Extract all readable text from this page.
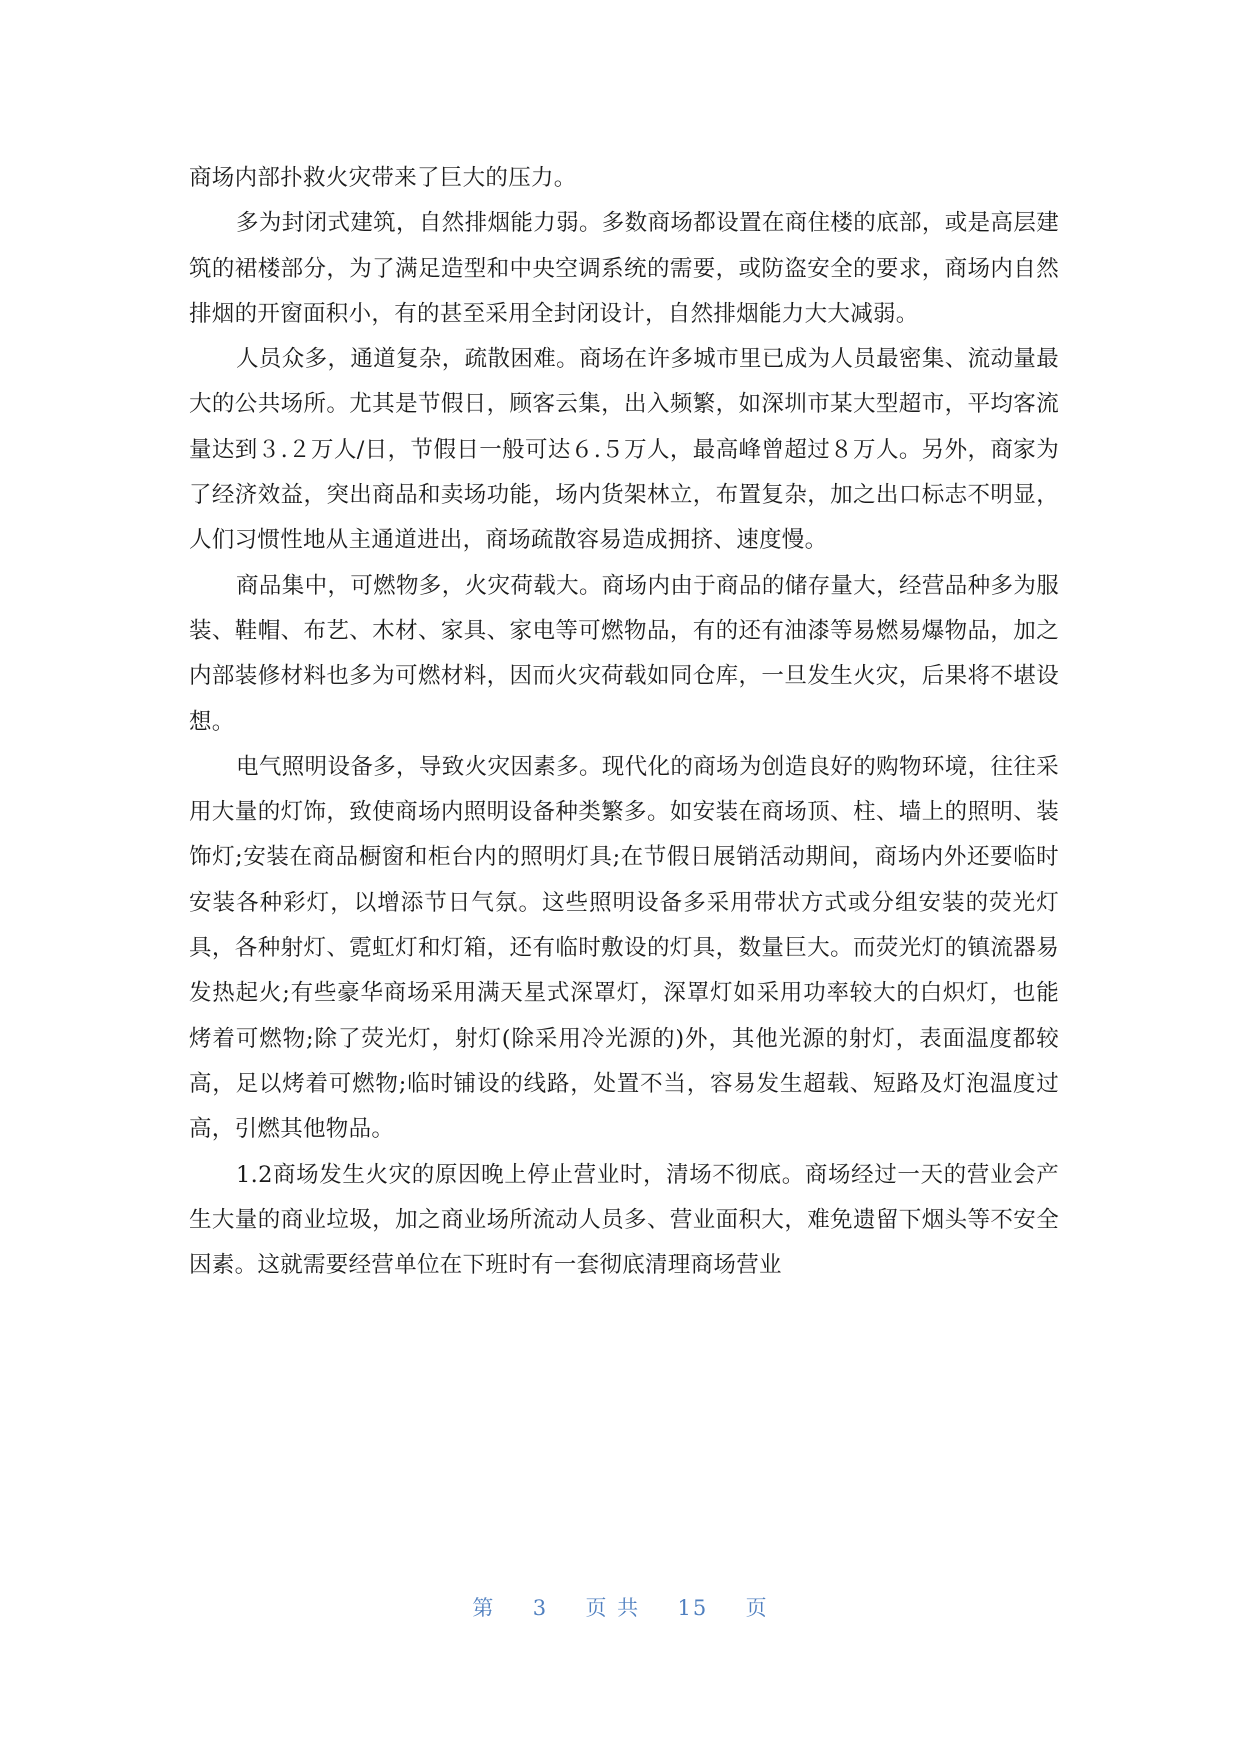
商场内部扑救火灾带来了巨大的压力。

多为封闭式建筑，自然排烟能力弱。多数商场都设置在商住楼的底部，或是高层建筑的裙楼部分，为了满足造型和中央空调系统的需要，或防盗安全的要求，商场内自然排烟的开窗面积小，有的甚至采用全封闭设计，自然排烟能力大大减弱。

人员众多，通道复杂，疏散困难。商场在许多城市里已成为人员最密集、流动量最大的公共场所。尤其是节假日，顾客云集，出入频繁，如深圳市某大型超市，平均客流量达到３.２万人/日，节假日一般可达６.５万人，最高峰曾超过８万人。另外，商家为了经济效益，突出商品和卖场功能，场内货架林立，布置复杂，加之出口标志不明显，人们习惯性地从主通道进出，商场疏散容易造成拥挤、速度慢。

商品集中，可燃物多，火灾荷载大。商场内由于商品的储存量大，经营品种多为服装、鞋帽、布艺、木材、家具、家电等可燃物品，有的还有油漆等易燃易爆物品，加之内部装修材料也多为可燃材料，因而火灾荷载如同仓库，一旦发生火灾，后果将不堪设想。

电气照明设备多，导致火灾因素多。现代化的商场为创造良好的购物环境，往往采用大量的灯饰，致使商场内照明设备种类繁多。如安装在商场顶、柱、墙上的照明、装饰灯;安装在商品橱窗和柜台内的照明灯具;在节假日展销活动期间，商场内外还要临时安装各种彩灯，以增添节日气氛。这些照明设备多采用带状方式或分组安装的荧光灯具，各种射灯、霓虹灯和灯箱，还有临时敷设的灯具，数量巨大。而荧光灯的镇流器易发热起火;有些豪华商场采用满天星式深罩灯，深罩灯如采用功率较大的白炽灯，也能烤着可燃物;除了荧光灯，射灯(除采用冷光源的)外，其他光源的射灯，表面温度都较高，足以烤着可燃物;临时铺设的线路，处置不当，容易发生超载、短路及灯泡温度过高，引燃其他物品。

1.2商场发生火灾的原因晚上停止营业时，清场不彻底。商场经过一天的营业会产生大量的商业垃圾，加之商业场所流动人员多、营业面积大，难免遗留下烟头等不安全因素。这就需要经营单位在下班时有一套彻底清理商场营业

第 3 页 共 15 页
